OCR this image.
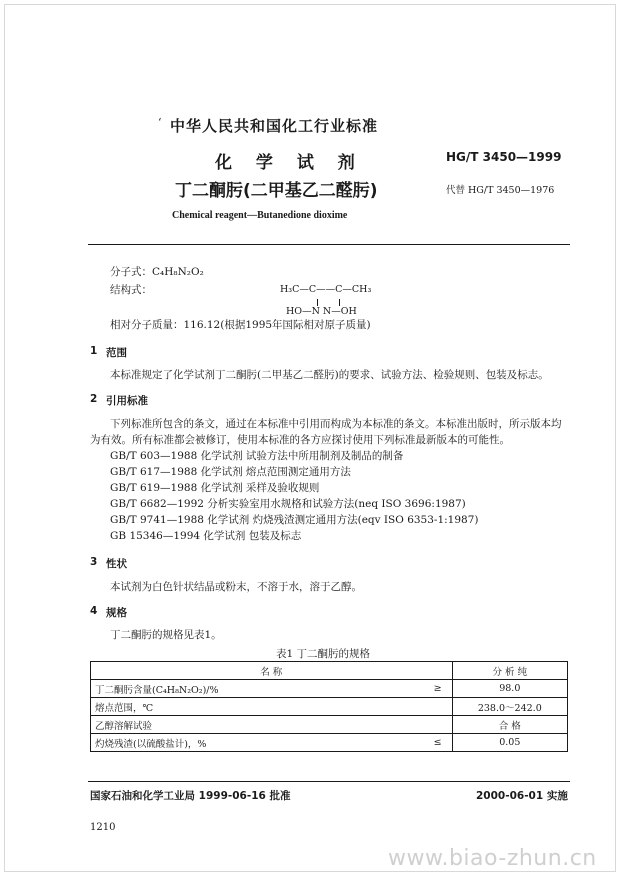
‘ 中华人民共和国化工行业标准
化 学 试 剂	HG/T 3450—1999
丁二酮肟(二甲基乙二醛肟)	代替 HG/T 3450—1976
Chemical reagent—Butanedione dioxime
分子式：C₄H₈N₂O₂
结构式：	H₃C—C——C—CH₃
HO—N N—OH
相对分子质量：116.12(根据1995年国际相对原子质量)
1 范围
本标准规定了化学试剂丁二酮肟(二甲基乙二醛肟)的要求、试验方法、检验规则、包装及标志。
2 引用标准
下列标准所包含的条文，通过在本标准中引用而构成为本标准的条文。本标准出版时，所示版本均
为有效。所有标准都会被修订，使用本标准的各方应探讨使用下列标准最新版本的可能性。
GB/T 603—1988 化学试剂 试验方法中所用制剂及制品的制备
GB/T 617—1988 化学试剂 熔点范围测定通用方法
GB/T 619—1988 化学试剂 采样及验收规则
GB/T 6682—1992 分析实验室用水规格和试验方法(neq ISO 3696:1987)
GB/T 9741—1988 化学试剂 灼烧残渣测定通用方法(eqv ISO 6353-1:1987)
GB 15346—1994 化学试剂 包装及标志
3 性状
本试剂为白色针状结晶或粉末，不溶于水，溶于乙醇。
4 规格
丁二酮肟的规格见表1。
表1 丁二酮肟的规格
名 称		分 析 纯
丁二酮肟含量(C₄H₈N₂O₂)/%	≥	98.0
熔点范围，℃		238.0～242.0
乙醇溶解试验		合 格
灼烧残渣(以硫酸盐计)，%	≤	0.05
国家石油和化学工业局 1999-06-16 批准	2000-06-01 实施
1210
www.biao-zhun.cn
